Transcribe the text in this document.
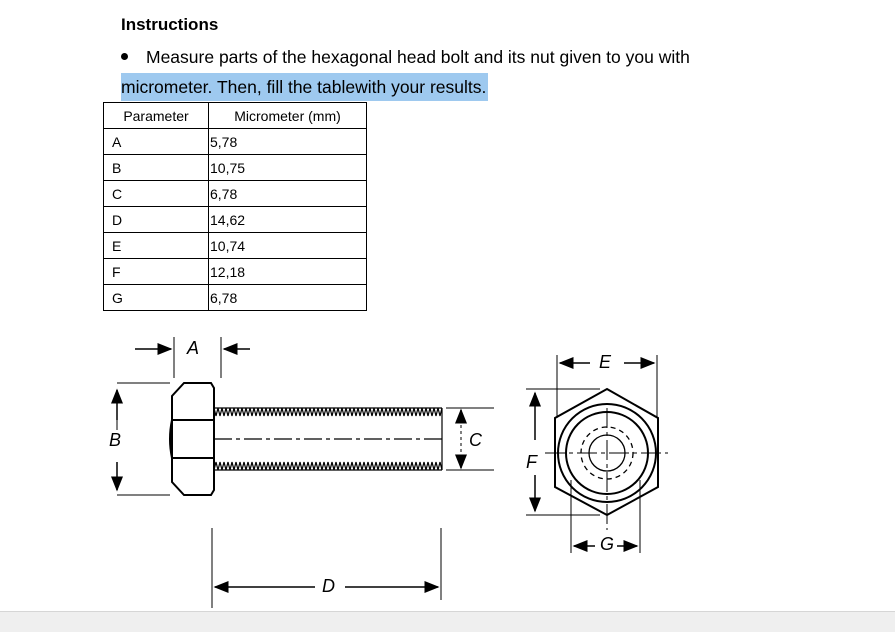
Instructions
Measure parts of the hexagonal head bolt and its nut given to you with
micrometer. Then, fill the tablewith your results.
Parameter	Micrometer (mm)
A	5,78
B	10,75
C	6,78
D	14,62
E	10,74
F	12,18
G	6,78
A
B	C
D
E
F
G
